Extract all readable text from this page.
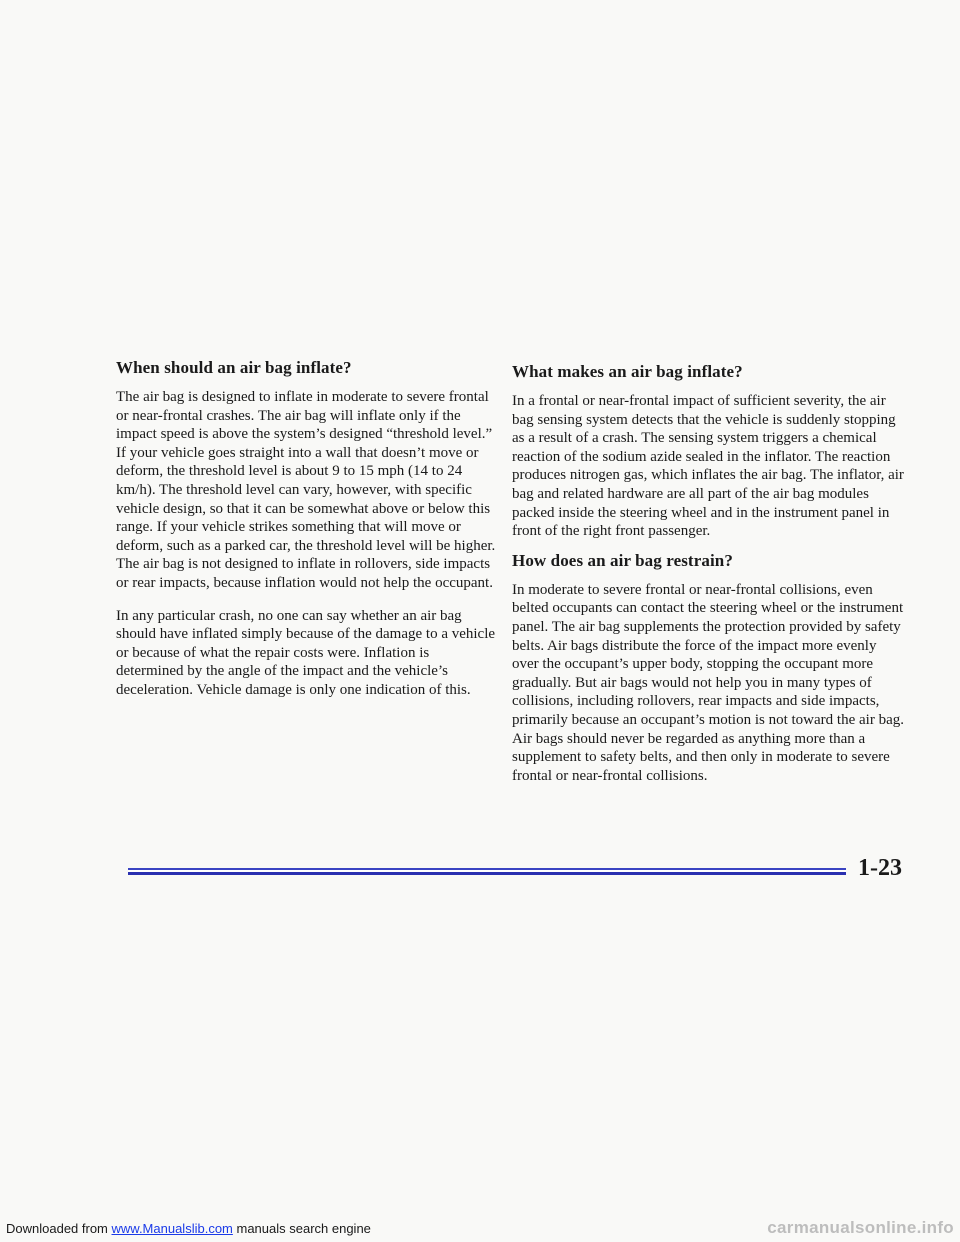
When should an air bag inflate?

The air bag is designed to inflate in moderate to severe frontal or near-frontal crashes. The air bag will inflate only if the impact speed is above the system’s designed “threshold level.” If your vehicle goes straight into a wall that doesn’t move or deform, the threshold level is about 9 to 15 mph (14 to 24 km/h). The threshold level can vary, however, with specific vehicle design, so that it can be somewhat above or below this range. If your vehicle strikes something that will move or deform, such as a parked car, the threshold level will be higher. The air bag is not designed to inflate in rollovers, side impacts or rear impacts, because inflation would not help the occupant.

In any particular crash, no one can say whether an air bag should have inflated simply because of the damage to a vehicle or because of what the repair costs were. Inflation is determined by the angle of the impact and the vehicle’s deceleration. Vehicle damage is only one indication of this.

What makes an air bag inflate?

In a frontal or near-frontal impact of sufficient severity, the air bag sensing system detects that the vehicle is suddenly stopping as a result of a crash. The sensing system triggers a chemical reaction of the sodium azide sealed in the inflator. The reaction produces nitrogen gas, which inflates the air bag. The inflator, air bag and related hardware are all part of the air bag modules packed inside the steering wheel and in the instrument panel in front of the right front passenger.

How does an air bag restrain?

In moderate to severe frontal or near-frontal collisions, even belted occupants can contact the steering wheel or the instrument panel. The air bag supplements the protection provided by safety belts. Air bags distribute the force of the impact more evenly over the occupant’s upper body, stopping the occupant more gradually. But air bags would not help you in many types of collisions, including rollovers, rear impacts and side impacts, primarily because an occupant’s motion is not toward the air bag. Air bags should never be regarded as anything more than a supplement to safety belts, and then only in moderate to severe frontal or near-frontal collisions.

1-23
Downloaded from www.Manualslib.com manuals search engine	carmanualsonline.info
